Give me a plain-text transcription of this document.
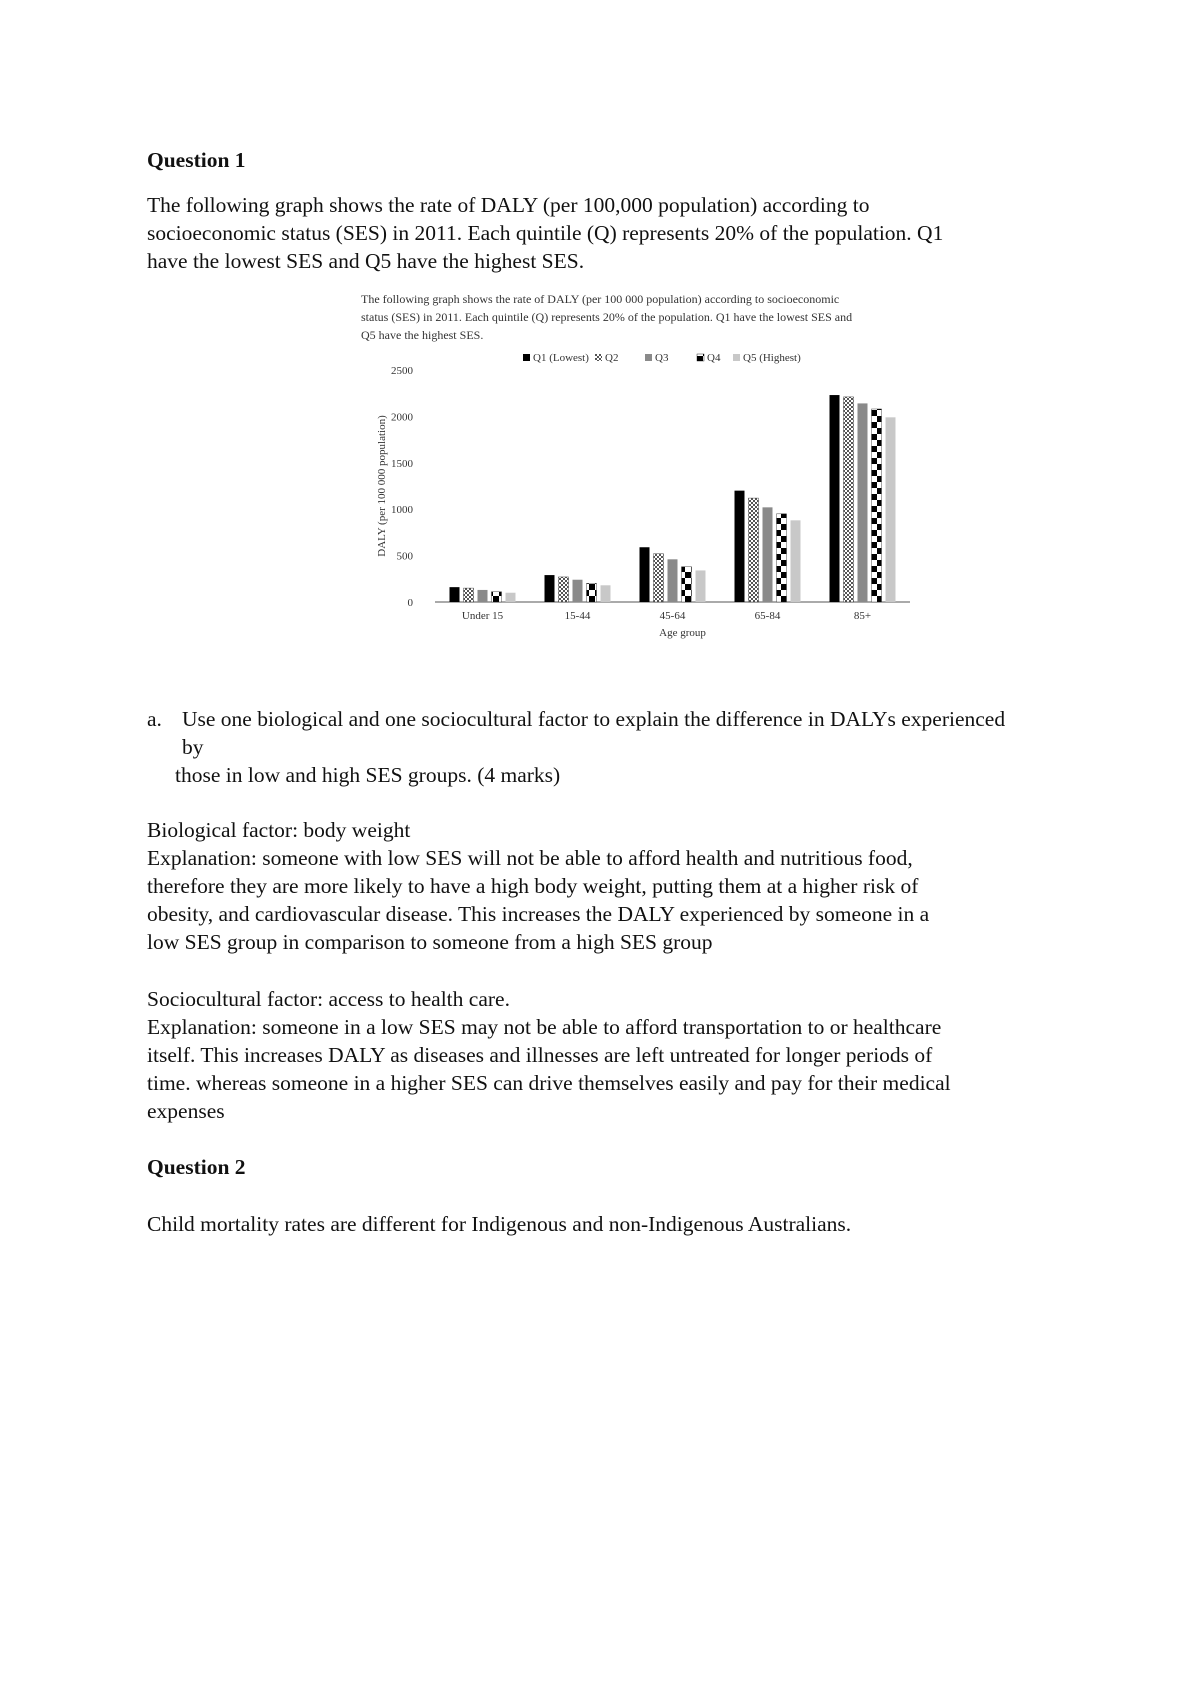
Question 1

The following graph shows the rate of DALY (per 100,000 population) according to
socioeconomic status (SES) in 2011. Each quintile (Q) represents 20% of the population. Q1
have the lowest SES and Q5 have the highest SES.

The following graph shows the rate of DALY (per 100 000 population) according to socioeconomic
status (SES) in 2011. Each quintile (Q) represents 20% of the population. Q1 have the lowest SES and
Q5 have the highest SES.
0
500
1000
1500
2000
2500
DALY (per 100 000 population)
Age group
Under 15	15-44	45-64	65-84	85+
Q1 (Lowest) Q2	Q3	Q4 Q5 (Highest)
a. Use one biological and one sociocultural factor to explain the difference in DALYs experienced
by
those in low and high SES groups. (4 marks)

Biological factor: body weight
Explanation: someone with low SES will not be able to afford health and nutritious food,
therefore they are more likely to have a high body weight, putting them at a higher risk of
obesity, and cardiovascular disease. This increases the DALY experienced by someone in a
low SES group in comparison to someone from a high SES group

Sociocultural factor: access to health care.
Explanation: someone in a low SES may not be able to afford transportation to or healthcare
itself. This increases DALY as diseases and illnesses are left untreated for longer periods of
time. whereas someone in a higher SES can drive themselves easily and pay for their medical
expenses

Question 2

Child mortality rates are different for Indigenous and non-Indigenous Australians.
